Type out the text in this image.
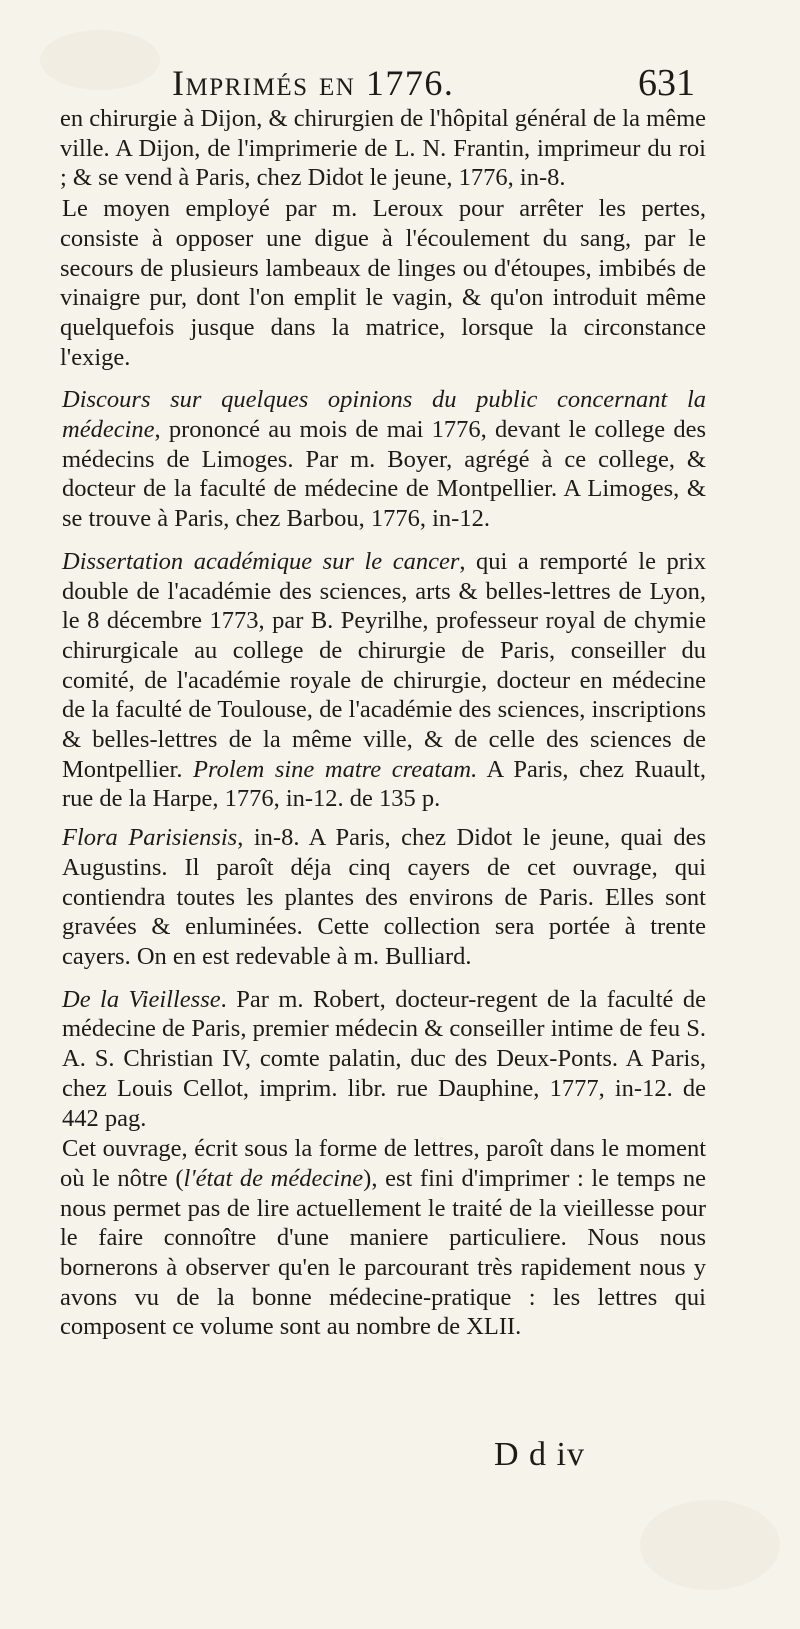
Imprimés en 1776.	631

en chirurgie à Dijon, & chirurgien de l'hôpital général de la même ville. A Dijon, de l'imprimerie de L. N. Frantin, imprimeur du roi ; & se vend à Paris, chez Didot le jeune, 1776, in-8.

Le moyen employé par m. Leroux pour arrêter les pertes, consiste à opposer une digue à l'écoulement du sang, par le secours de plusieurs lambeaux de linges ou d'étoupes, imbibés de vinaigre pur, dont l'on emplit le vagin, & qu'on introduit même quelquefois jusque dans la matrice, lorsque la circonstance l'exige.

Discours sur quelques opinions du public concernant la médecine, prononcé au mois de mai 1776, devant le college des médecins de Limoges. Par m. Boyer, agrégé à ce college, & docteur de la faculté de médecine de Montpellier. A Limoges, & se trouve à Paris, chez Barbou, 1776, in-12.

Dissertation académique sur le cancer, qui a remporté le prix double de l'académie des sciences, arts & belles-lettres de Lyon, le 8 décembre 1773, par B. Peyrilhe, professeur royal de chymie chirurgicale au college de chirurgie de Paris, conseiller du comité, de l'académie royale de chirurgie, docteur en médecine de la faculté de Toulouse, de l'académie des sciences, inscriptions & belles-lettres de la même ville, & de celle des sciences de Montpellier. Prolem sine matre creatam. A Paris, chez Ruault, rue de la Harpe, 1776, in-12. de 135 p.

Flora Parisiensis, in-8. A Paris, chez Didot le jeune, quai des Augustins. Il paroît déja cinq cayers de cet ouvrage, qui contiendra toutes les plantes des environs de Paris. Elles sont gravées & enluminées. Cette collection sera portée à trente cayers. On en est redevable à m. Bulliard.

De la Vieillesse. Par m. Robert, docteur-regent de la faculté de médecine de Paris, premier médecin & conseiller intime de feu S. A. S. Christian IV, comte palatin, duc des Deux-Ponts. A Paris, chez Louis Cellot, imprim. libr. rue Dauphine, 1777, in-12. de 442 pag.

Cet ouvrage, écrit sous la forme de lettres, paroît dans le moment où le nôtre (l'état de médecine), est fini d'imprimer : le temps ne nous permet pas de lire actuellement le traité de la vieillesse pour le faire connoître d'une maniere particuliere. Nous nous bornerons à observer qu'en le parcourant très rapidement nous y avons vu de la bonne médecine-pratique : les lettres qui composent ce volume sont au nombre de XLII.

D d iv
